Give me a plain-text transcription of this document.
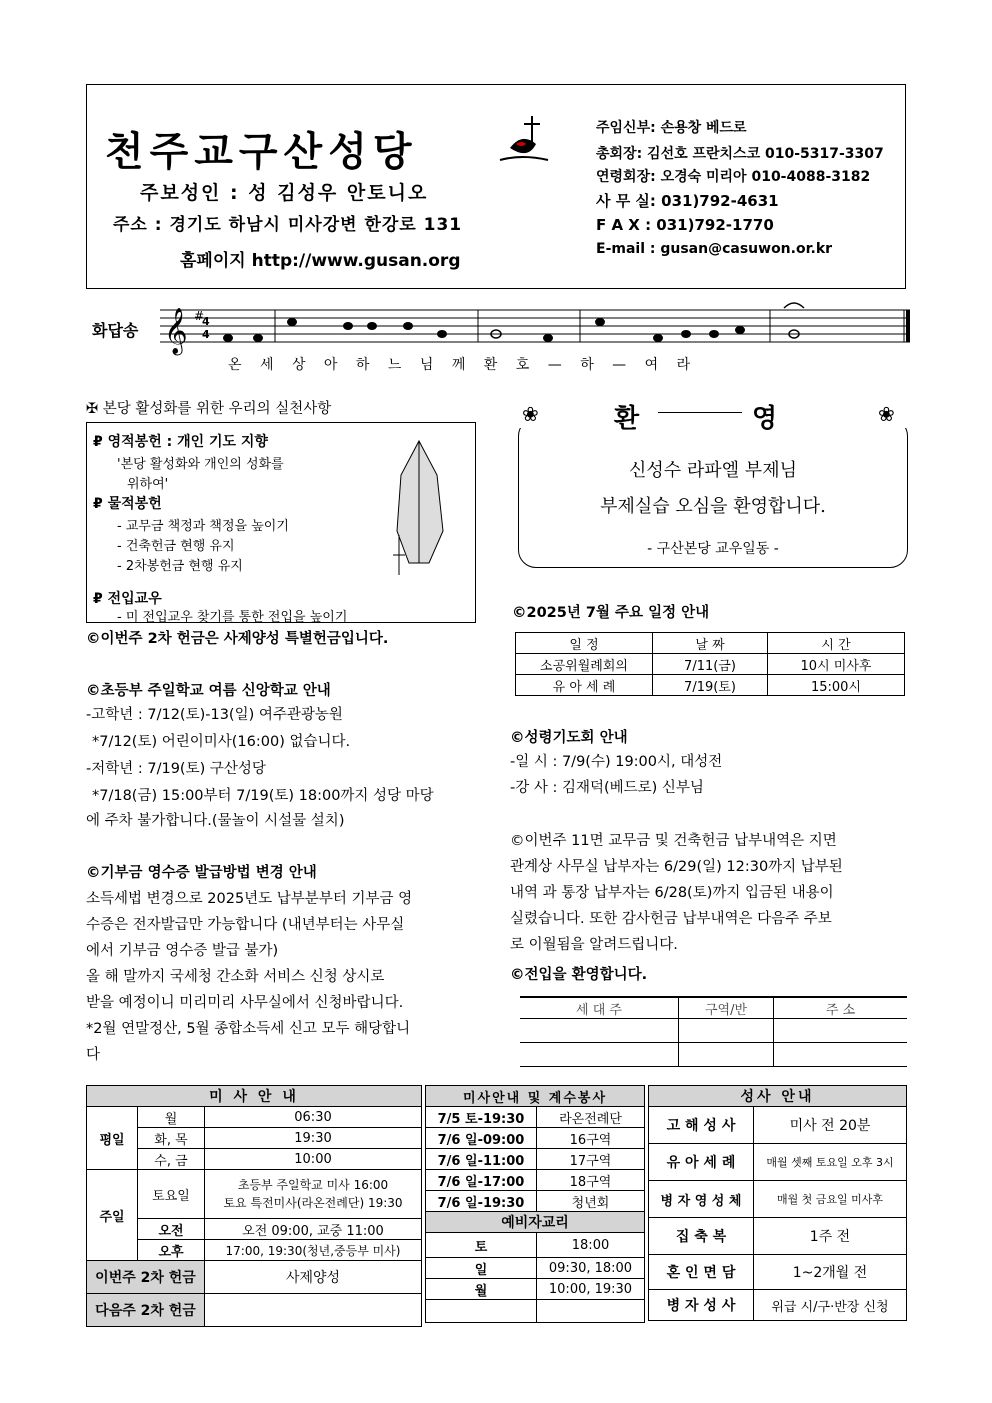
천주교구산성당
주보성인 : 성 김성우 안토니오
주소 : 경기도 하남시 미사강변 한강로 131
홈페이지 http://www.gusan.org
주임신부: 손용창 베드로
총회장: 김선호 프란치스코 010-5317-3307
연령회장: 오경숙 미리아 010-4088-3182
사 무 실: 031)792-4631
F A X : 031)792-1770
E-mail : gusan@casuwon.or.kr
화답송 𝄞 #
4
4
온 세 상 아 하 느 님 께 환 호 — 하 — 여 라
✠ 본당 활성화를 위한 우리의 실천사항
₽ 영적봉헌 : 개인 기도 지향
'본당 활성화와 개인의 성화를
위하여'
₽ 물적봉헌
- 교무금 책정과 책정을 높이기
- 건축헌금 현행 유지
- 2차봉헌금 현행 유지
₽ 전입교우
- 미 전입교우 찾기를 통한 전입을 높이기
©이번주 2차 헌금은 사제양성 특별헌금입니다.
©초등부 주일학교 여름 신앙학교 안내
-고학년 : 7/12(토)-13(일) 여주관광농원
*7/12(토) 어린이미사(16:00) 없습니다.
-저학년 : 7/19(토) 구산성당
*7/18(금) 15:00부터 7/19(토) 18:00까지 성당 마당
에 주차 불가합니다.(물놀이 시설물 설치)
©기부금 영수증 발급방법 변경 안내
소득세법 변경으로 2025년도 납부분부터 기부금 영
수증은 전자발급만 가능합니다 (내년부터는 사무실
에서 기부금 영수증 발급 불가)
올 해 말까지 국세청 간소화 서비스 신청 상시로
받을 예정이니 미리미리 사무실에서 신청바랍니다.
*2월 연말정산, 5월 종합소득세 신고 모두 해당합니
다
❀	환	영	❀
신성수 라파엘 부제님
부제실습 오심을 환영합니다.
- 구산본당 교우일동 -
©2025년 7월 주요 일정 안내
일 정	날 짜	시 간
소공위월례회의	7/11(금)	10시 미사후
유 아 세 례	7/19(토)	15:00시
©성령기도회 안내
-일 시 : 7/9(수) 19:00시, 대성전
-강 사 : 김재덕(베드로) 신부님
©이번주 11면 교무금 및 건축헌금 납부내역은 지면
관계상 사무실 납부자는 6/29(일) 12:30까지 납부된
내역 과 통장 납부자는 6/28(토)까지 입금된 내용이
실렸습니다. 또한 감사헌금 납부내역은 다음주 주보
로 이월됨을 알려드립니다.
©전입을 환영합니다.
세 대 주	구역/반	주 소

미 사 안 내		
평일	월	06:30
	화, 목	19:30
	수, 금	10:00
주일	토요일	초등부 주일학교 미사 16:00
토요 특전미사(라온전례단) 19:30

	오전	오전 09:00, 교중 11:00
	오후	17:00, 19:30(청년,중등부 미사)
이번주 2차 헌금		사제양성
다음주 2차 헌금		
미사안내 및 계수봉사	
7/5 토-19:30	라온전례단
7/6 일-09:00	16구역
7/6 일-11:00	17구역
7/6 일-17:00	18구역
7/6 일-19:30	청년회
예비자교리	
토	18:00
일	09:30, 18:00
월	10:00, 19:30

성사 안내	
고 해 성 사	미사 전 20분
유 아 세 례	매월 셋째 토요일 오후 3시
병 자 영 성 체	매월 첫 금요일 미사후
집 축 복	1주 전
혼 인 면 담	1~2개월 전
병 자 성 사	위급 시/구·반장 신청
